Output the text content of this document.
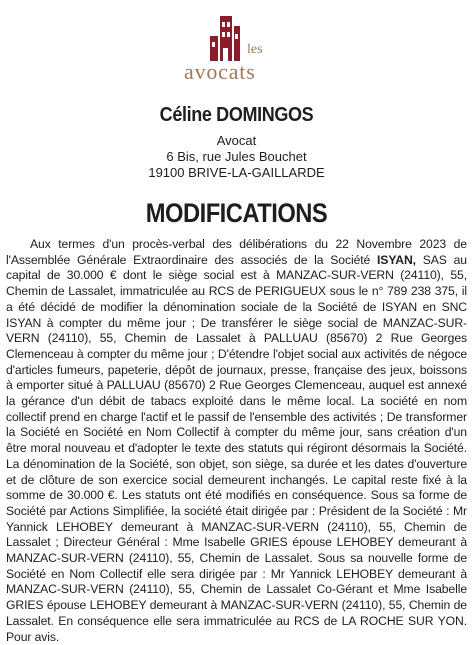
les
avocats
Céline DOMINGOS
Avocat
6 Bis, rue Jules Bouchet
19100 BRIVE-LA-GAILLARDE
MODIFICATIONS

Aux termes d'un procès-verbal des délibérations du 22 Novembre 2023 de l'Assemblée Générale Extraordinaire des associés de la Société ISYAN, SAS au capital de 30.000 € dont le siège social est à MANZAC-SUR-VERN (24110), 55, Chemin de Lassalet, immatriculée au RCS de PERIGUEUX sous le n° 789 238 375, il a été décidé de modifier la dénomination sociale de la Société de ISYAN en SNC ISYAN à compter du même jour ; De transférer le siège social de MANZAC-SUR-VERN (24110), 55, Chemin de Lassalet à PALLUAU (85670) 2 Rue Georges Clemenceau à compter du même jour ; D'étendre l'objet social aux activités de négoce d'articles fumeurs, papeterie, dépôt de journaux, presse, française des jeux, boissons à emporter situé à PALLUAU (85670) 2 Rue Georges Clemenceau, auquel est annexé la gérance d'un débit de tabacs exploité dans le même local. La société en nom collectif prend en charge l'actif et le passif de l'ensemble des activités ; De transformer la Société en Société en Nom Collectif à compter du même jour, sans création d'un être moral nouveau et d'adopter le texte des statuts qui régiront désormais la Société. La dénomination de la Société, son objet, son siège, sa durée et les dates d'ouverture et de clôture de son exercice social demeurent inchangés. Le capital reste fixé à la somme de 30.000 €. Les statuts ont été modifiés en conséquence. Sous sa forme de Société par Actions Simplifiée, la société était dirigée par : Président de la Société : Mr Yannick LEHOBEY demeurant à MANZAC-SUR-VERN (24110), 55, Chemin de Lassalet ; Directeur Général : Mme Isabelle GRIES épouse LEHOBEY demeurant à MANZAC-SUR-VERN (24110), 55, Chemin de Lassalet. Sous sa nouvelle forme de Société en Nom Collectif elle sera dirigée par : Mr Yannick LEHOBEY demeurant à MANZAC-SUR-VERN (24110), 55, Chemin de Lassalet Co-Gérant et Mme Isabelle GRIES épouse LEHOBEY demeurant à MANZAC-SUR-VERN (24110), 55, Chemin de Lassalet. En conséquence elle sera immatriculée au RCS de LA ROCHE SUR YON. Pour avis.
